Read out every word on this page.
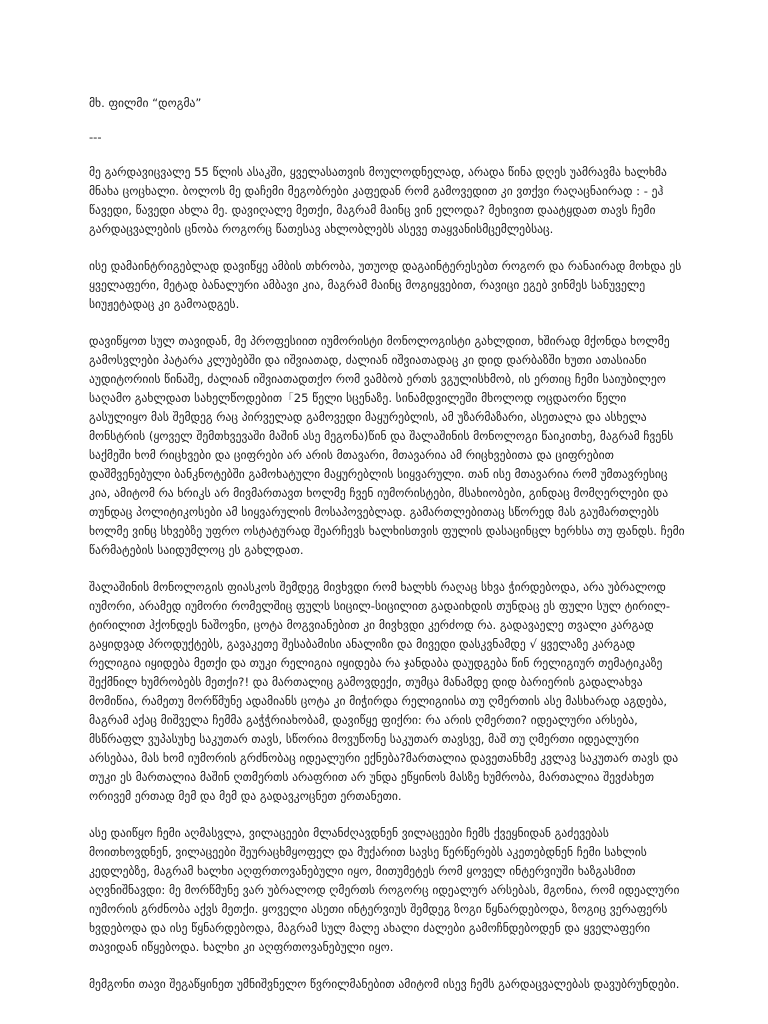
მხ. ფილმი “დოგმა”

---

მე გარდავიცვალე 55 წლის ასაკში, ყველასათვის მოულოდნელად, არადა წინა დღეს უამრავმა ხალხმა მნახა ცოცხალი. ბოლოს მე დაჩემი მეგობრები კაფედან რომ გამოვედით კი ვთქვი რაღაცნაირად : - ეჰ წავედი, წავედი ახლა მე. დავიღალე მეთქი, მაგრამ მაინც ვინ ელოდა? მეხივით დაატყდათ თავს ჩემი გარდაცვალების ცნობა როგორც წათესავ ახლობლებს ასევე თაყვანისმცემლებსაც.

ისე დამაინტრიგებლად დავიწყე ამბის თხრობა, უთუოდ დაგაინტერესებთ როგორ და რანაირად მოხდა ეს ყველაფერი, მეტად ბანალური ამბავი კია, მაგრამ მაინც მოგიყვებით, რავიცი ეგებ ვინმეს სანუველე სიუჟეტადაც კი გამოადგეს.

დავიწყოთ სულ თავიდან, მე პროფესიით იუმორისტი მონოლოგისტი გახლდით, ხშირად მქონდა ხოლმე გამოსვლები პატარა კლუბებში და იშვიათად, ძალიან იშვიათადაც კი დიდ დარბაზში ხუთი ათასიანი აუდიტორიის წინაშე, ძალიან იშვიათადთქო რომ ვამბობ ერთს ვგულისხმობ, ის ერთიც ჩემი საიუბილეო საღამო გახლდათ სახელწოდებით「25 წელი სცენაზე. სინამდვილეში მხოლოდ ოცდაორი წელი გასულიყო მას შემდეგ რაც პირველად გამოვედი მაყურებლის, ამ უზარმაზარი, ასეთალა და ასხელა მონსტრის (ყოველ შემთხვევაში მაშინ ასე მეგონა)წინ და შალაშინის მონოლოგი წაიკითხე, მაგრამ ჩვენს საქმეში ხომ რიცხვები და ციფრები არ არის მთავარი, მთავარია ამ რიცხვებითა და ციფრებით დაშმვენებული ბანკნოტებში გამოხატული მაყურებლის სიყვარული. თან ისე მთავარია რომ უმთავრესიც კია, ამიტომ რა ხრიკს არ მივმართავთ ხოლმე ჩვენ იუმორისტები, მსახიობები, გინდაც მომღერლები და თუნდაც პოლიტიკოსები ამ სიყვარულის მოსაპოვებლად. გამართლებითაც სწორედ მას გაუმართლებს ხოლმე ვინც სხვებზე უფრო ოსტატურად შეარჩევს ხალხისთვის ფულის დასაცინცლ ხერხსა თუ ფანდს. ჩემი წარმატების საიდუმლოც ეს გახლდათ.

შალაშინის მონოლოგის ფიასკოს შემდეგ მივხვდი რომ ხალხს რაღაც სხვა ჭირდებოდა, არა უბრალოდ იუმორი, არამედ იუმორი რომელშიც ფულს სიცილ-სიცილით გადაიხდის თუნდაც ეს ფული სულ ტირილ-ტირილით ჰქონდეს ნაშოვნი, ცოტა მოგვიანებით კი მივხვდი კერძოდ რა. გადავაელე თვალი კარგად გაყიდვად პროდუქტებს, გავაკეთე შესაბამისი ანალიზი და მივედი დასკვნამდე √ ყველაზე კარგად რელიგია იყიდება მეთქი და თუკი რელიგია იყიდება რა ჯანდაბა დაუდგება წინ რელიგიურ თემატიკაზე შექმნილ ხუმრობებს მეთქი?! და მართალიც გამოვდექი, თუმცა მანამდე დიდ ბარიერის გადალახვა მომიწია, რამეთუ მორწმუნე ადამიანს ცოტა კი მიჭირდა რელიგიისა თუ ღმერთის ასე მასხარად აგდება, მაგრამ აქაც მიშველა ჩემმა გაჭჭრიახობამ, დავიწყე ფიქრი: რა არის ღმერთი? იდეალური არსება, მსწრაფლ ვუპასუხე საკუთარ თავს, სწორია მოვუწონე საკუთარ თავსვე, მაშ თუ ღმერთი იდეალური არსებაა, მას ხომ იუმორის გრძნობაც იდეალური ექნება?მართალია დავეთანხმე კვლავ საკუთარ თავს და თუკი ეს მართალია მაშინ ღთმერთს არაფრით არ უნდა ეწყინოს მასზე ხუმრობა, მართალია შევძახეთ ორივემ ერთად მემ და მემ და გადავკოცნეთ ერთანეთი.

ასე დაიწყო ჩემი აღმასვლა, ვილაცეები მლანძღავდნენ ვილაცეები ჩემს ქვეყნიდან გაძევებას მოითხოვდნენ, ვილაცეები შეურაცხმყოფელ და მუქარით სავსე წერწერებს აკეთებდნენ ჩემი სახლის კედლებზე, მაგრამ ხალხი აღფრთოვანებული იყო, მითუმეტეს რომ ყოველ ინტერვიუში ხაზგასმით აღვნიშნავდი: მე მორწმუნე ვარ უბრალოდ ღმერთს როგორც იდეალურ არსებას, მგონია, რომ იდეალური იუმორის გრძნობა აქვს მეთქი. ყოველი ასეთი ინტერვიუს შემდეგ ზოგი წყნარდებოდა, ზოგიც ვერაფერს ხვდებოდა და ისე წყნარდებოდა, მაგრამ სულ მალე ახალი ძალები გამოჩნდებოდენ და ყველაფერი თავიდან იწყებოდა. ხალხი კი აღფრთოვანებული იყო.

მემგონი თავი შეგაწყინეთ უმნიშვნელო წვრილმანებით ამიტომ ისევ ჩემს გარდაცვალებას დავუბრუნდები.
